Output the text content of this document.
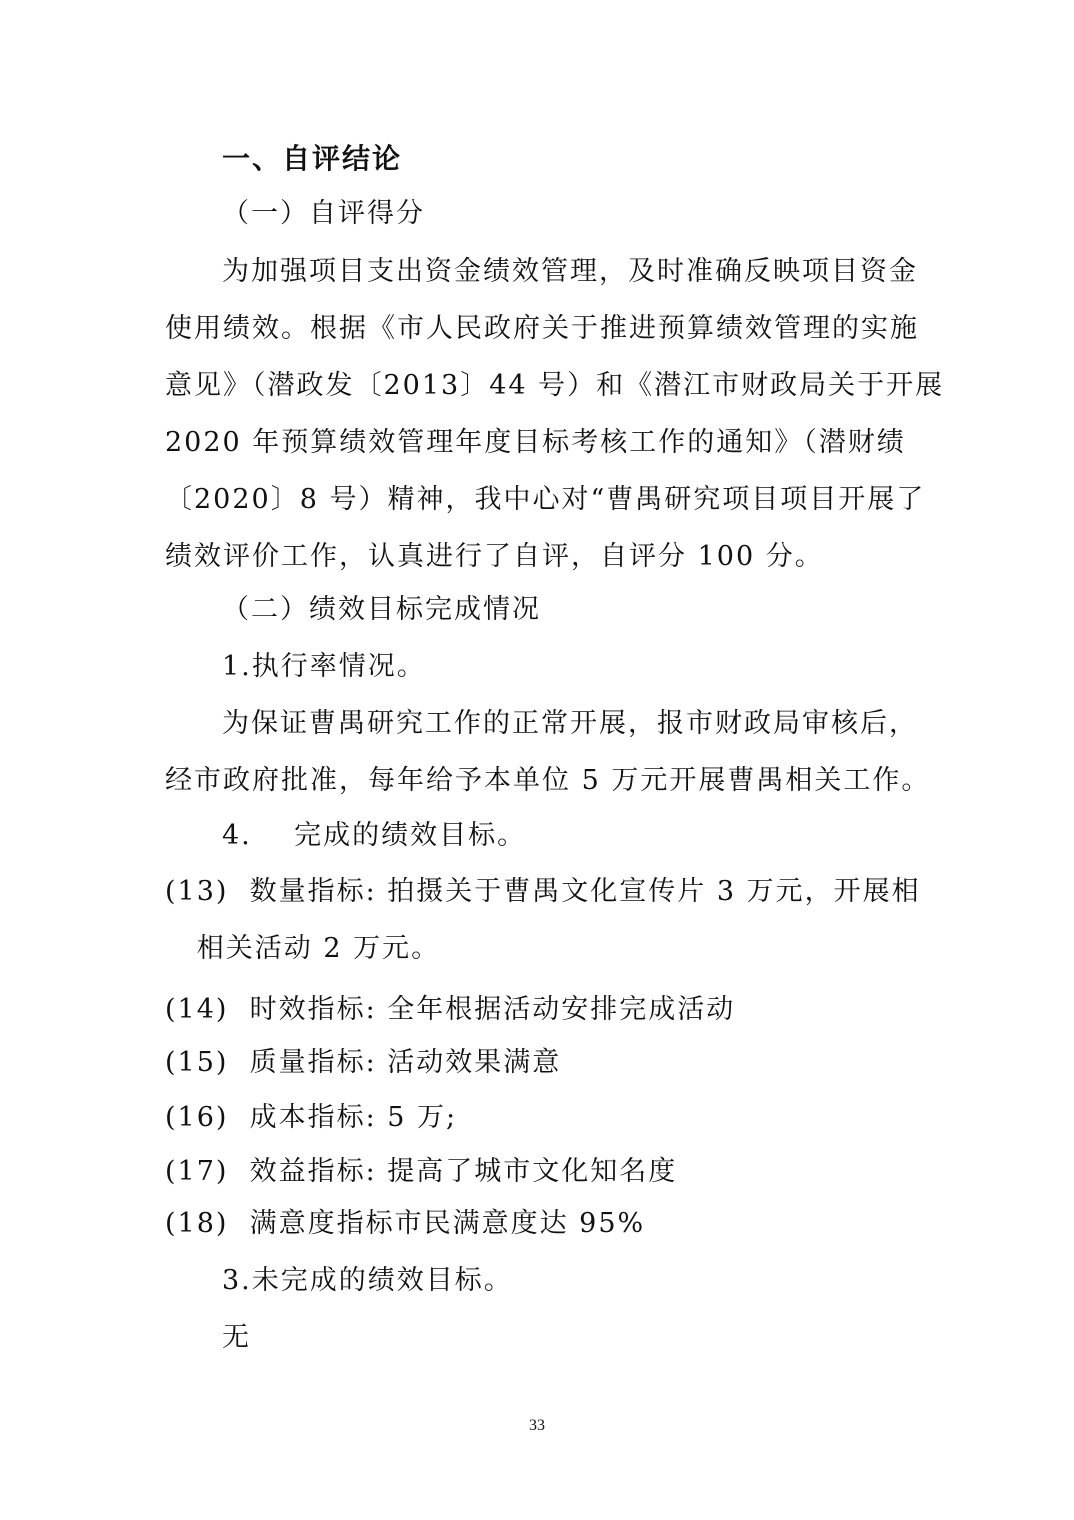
一、自评结论
（一）自评得分
为加强项目支出资金绩效管理，及时准确反映项目资金
使用绩效。根据《市人民政府关于推进预算绩效管理的实施
意见》（潜政发〔2013〕44 号）和《潜江市财政局关于开展
2020 年预算绩效管理年度目标考核工作的通知》（潜财绩
〔2020〕8 号）精神，我中心对“曹禺研究项目项目开展了
绩效评价工作，认真进行了自评，自评分 100 分。
（二）绩效目标完成情况
1.执行率情况。
为保证曹禺研究工作的正常开展，报市财政局审核后，
经市政府批准，每年给予本单位 5 万元开展曹禺相关工作。
4.    完成的绩效目标。
(13)  数量指标: 拍摄关于曹禺文化宣传片 3 万元，开展相
相关活动 2 万元。
(14)  时效指标: 全年根据活动安排完成活动
(15)  质量指标: 活动效果满意
(16)  成本指标: 5 万;
(17)  效益指标: 提高了城市文化知名度
(18)  满意度指标市民满意度达 95%
3.未完成的绩效目标。
无
33
